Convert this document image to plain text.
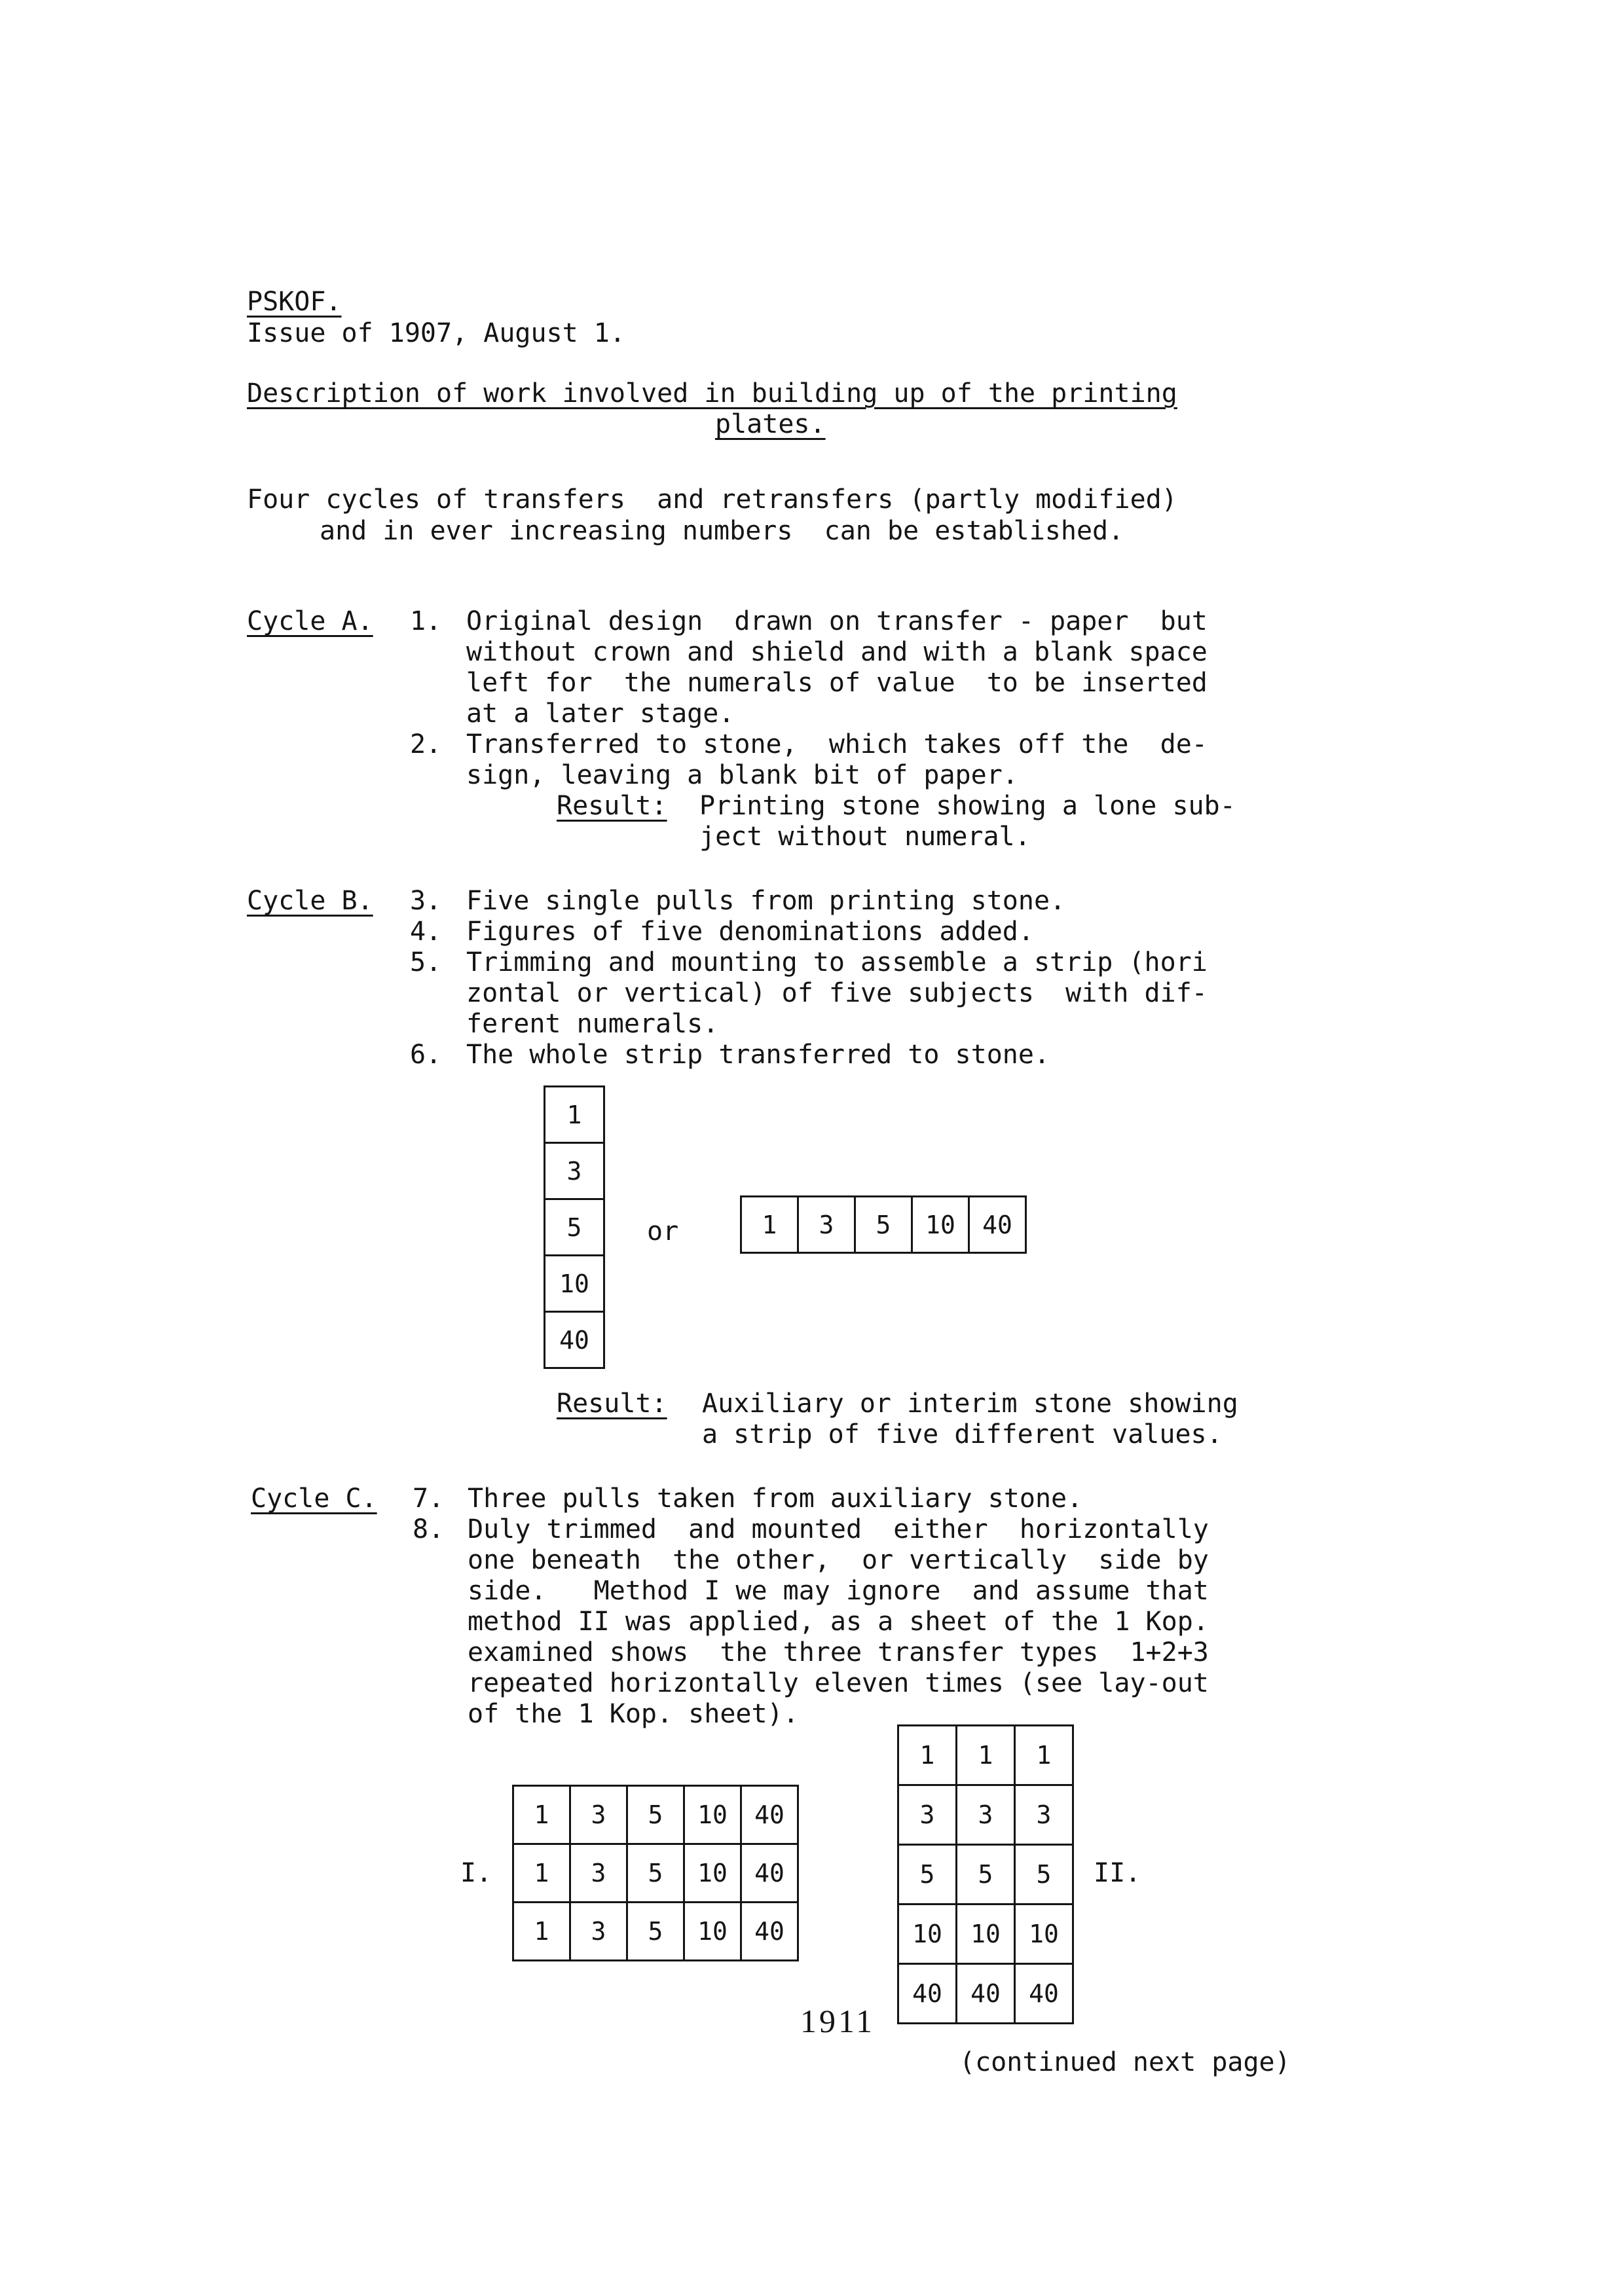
PSKOF.
Issue of 1907, August 1.
Description of work involved in building up of the printing
plates.
Four cycles of transfers  and retransfers (partly modified)
and in ever increasing numbers  can be established.
Cycle A. 1. Original design  drawn on transfer - paper  but
without crown and shield and with a blank space
left for  the numerals of value  to be inserted
at a later stage.
2. Transferred to stone,  which takes off the  de-
sign, leaving a blank bit of paper.
Result: Printing stone showing a lone sub-
ject without numeral.
Cycle B. 3. Five single pulls from printing stone.
4. Figures of five denominations added.
5. Trimming and mounting to assemble a strip (hori
zontal or vertical) of five subjects  with dif-
ferent numerals.
6. The whole strip transferred to stone.
1
3
5
10
40
or	1	3	5	10	40
Result: Auxiliary or interim stone showing
a strip of five different values.
Cycle C. 7. Three pulls taken from auxiliary stone.
8. Duly trimmed  and mounted  either  horizontally
one beneath  the other,  or vertically  side by
side.   Method I we may ignore  and assume that
method II was applied, as a sheet of the 1 Kop.
examined shows  the three transfer types  1+2+3
repeated horizontally eleven times (see lay-out
of the 1 Kop. sheet).
I.
1	3	5	10	40
1	3	5	10	40
1	3	5	10	40
1	1	1
3	3	3
5	5	5
10	10	10
40	40	40
II.
1911
(continued next page)
